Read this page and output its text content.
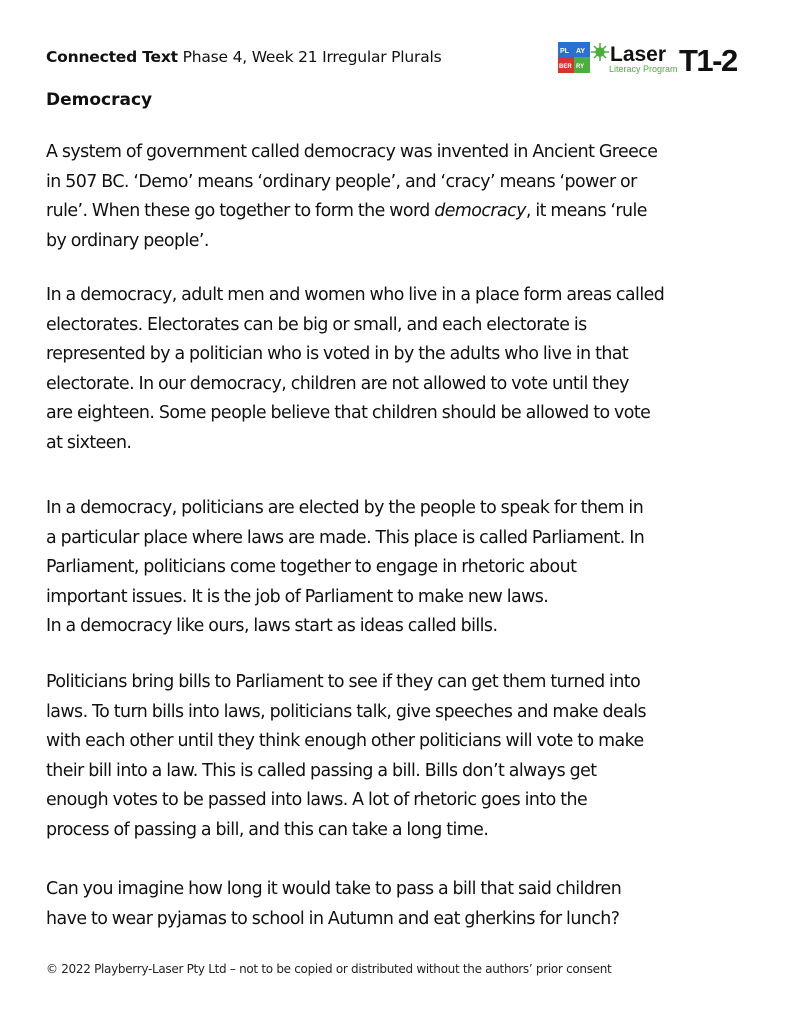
Connected Text Phase 4, Week 21 Irregular Plurals	PL AY
BER RY
Laser
Literacy Program T1-2
Democracy
A system of government called democracy was invented in Ancient Greece
in 507 BC. ‘Demo’ means ‘ordinary people’, and ‘cracy’ means ‘power or
rule’. When these go together to form the word democracy, it means ‘rule
by ordinary people’.
In a democracy, adult men and women who live in a place form areas called
electorates. Electorates can be big or small, and each electorate is
represented by a politician who is voted in by the adults who live in that
electorate. In our democracy, children are not allowed to vote until they
are eighteen. Some people believe that children should be allowed to vote
at sixteen.
In a democracy, politicians are elected by the people to speak for them in
a particular place where laws are made. This place is called Parliament. In
Parliament, politicians come together to engage in rhetoric about
important issues. It is the job of Parliament to make new laws.
In a democracy like ours, laws start as ideas called bills.
Politicians bring bills to Parliament to see if they can get them turned into
laws. To turn bills into laws, politicians talk, give speeches and make deals
with each other until they think enough other politicians will vote to make
their bill into a law. This is called passing a bill. Bills don’t always get
enough votes to be passed into laws. A lot of rhetoric goes into the
process of passing a bill, and this can take a long time.
Can you imagine how long it would take to pass a bill that said children
have to wear pyjamas to school in Autumn and eat gherkins for lunch?
© 2022 Playberry-Laser Pty Ltd – not to be copied or distributed without the authors’ prior consent
